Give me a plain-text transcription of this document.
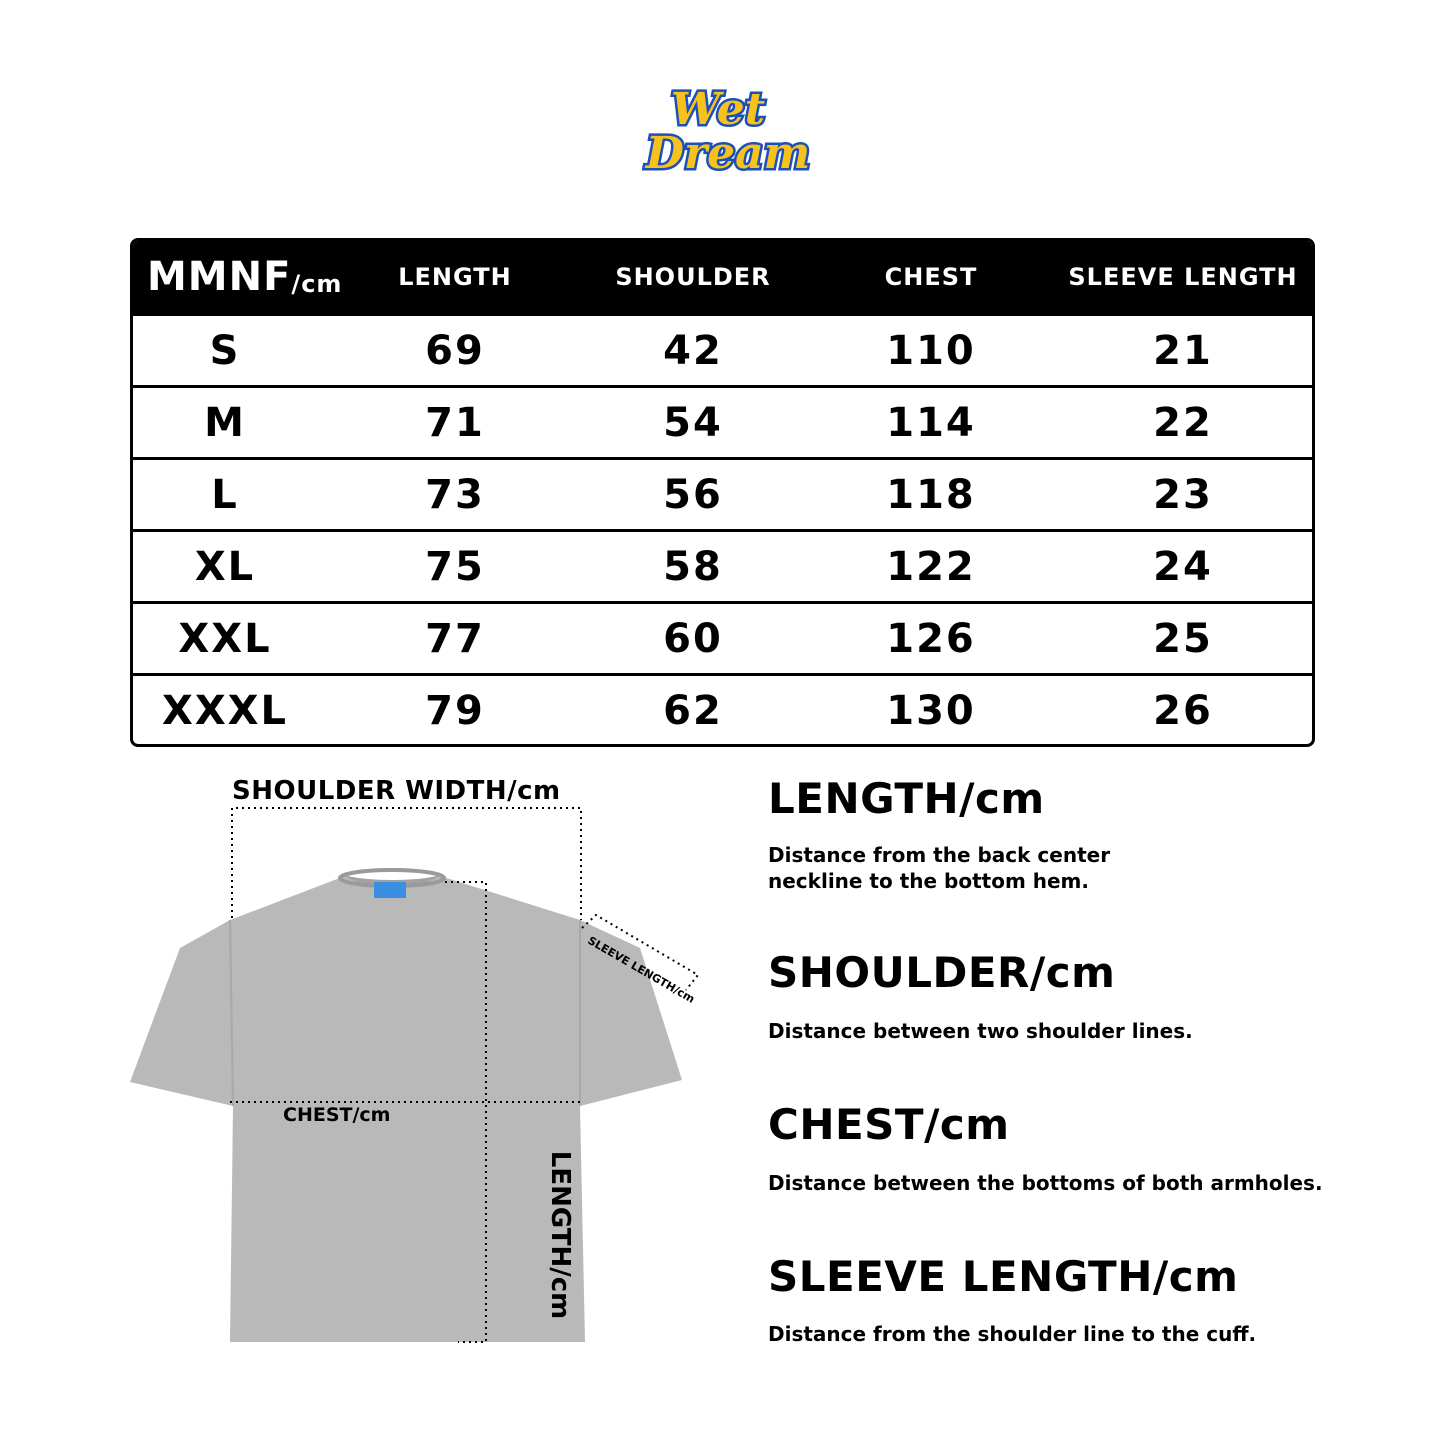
Wet
Dream
MMNF /cm	LENGTH	SHOULDER	CHEST	SLEEVE LENGTH
S	69	42	110	21
M	71	54	114	22
L	73	56	118	23
XL	75	58	122	24
XXL	77	60	126	25
XXXL	79	62	130	26
SHOULDER WIDTH/cm
CHEST/cm
LENGTH/cm
SLEEVE LENGTH/cm
LENGTH/cm
Distance from the back center
neckline to the bottom hem.
SHOULDER/cm
Distance between two shoulder lines.
CHEST/cm
Distance between the bottoms of both armholes.
SLEEVE LENGTH/cm
Distance from the shoulder line to the cuff.
